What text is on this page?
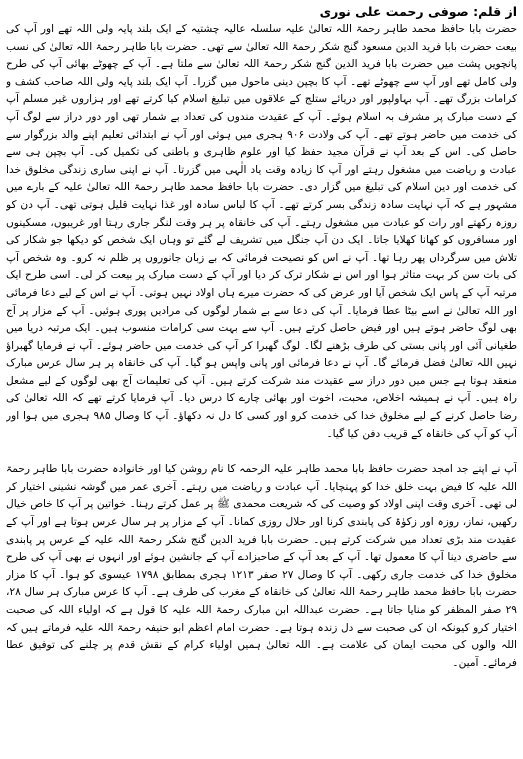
از قلم: صوفی رحمت علی نوری

حضرت بابا حافظ محمد طاہر رحمۃ اللہ تعالیٰ علیہ سلسلہ عالیہ چشتیہ کے ایک بلند پایہ ولی اللہ تھے اور آپ کی بیعت حضرت بابا فرید الدین مسعود گنج شکر رحمۃ اللہ تعالیٰ سے تھی۔ حضرت بابا طاہر رحمۃ اللہ تعالیٰ کی نسب پانچویں پشت میں حضرت بابا فرید الدین گنج شکر رحمۃ اللہ تعالیٰ سے ملتا ہے۔ آپ کے چھوٹے بھائی آپ کی طرح ولی کامل تھے اور آپ سے چھوٹے تھے۔ آپ کا بچپن دینی ماحول میں گزرا۔ آپ ایک بلند پایہ ولی اللہ صاحب کشف و کرامات بزرگ تھے۔ آپ بہاولپور اور دریائے ستلج کے علاقوں میں تبلیغ اسلام کیا کرتے تھے اور ہزاروں غیر مسلم آپ کے دست مبارک پر مشرف بہ اسلام ہوئے۔ آپ کے عقیدت مندوں کی تعداد بے شمار تھی اور دور دراز سے لوگ آپ کی خدمت میں حاضر ہوتے تھے۔ آپ کی ولادت ۹۰۶ ہجری میں ہوئی اور آپ نے ابتدائی تعلیم اپنے والد بزرگوار سے حاصل کی۔ اس کے بعد آپ نے قرآن مجید حفظ کیا اور علوم ظاہری و باطنی کی تکمیل کی۔ آپ بچپن ہی سے عبادت و ریاضت میں مشغول رہتے اور آپ کا زیادہ وقت یاد الٰہی میں گزرتا۔ آپ نے اپنی ساری زندگی مخلوق خدا کی خدمت اور دین اسلام کی تبلیغ میں گزار دی۔ حضرت بابا حافظ محمد طاہر رحمۃ اللہ تعالیٰ علیہ کے بارے میں مشہور ہے کہ آپ نہایت سادہ زندگی بسر کرتے تھے۔ آپ کا لباس سادہ اور غذا نہایت قلیل ہوتی تھی۔ آپ دن کو روزہ رکھتے اور رات کو عبادت میں مشغول رہتے۔ آپ کی خانقاہ پر ہر وقت لنگر جاری رہتا اور غریبوں، مسکینوں اور مسافروں کو کھانا کھلایا جاتا۔ ایک دن آپ جنگل میں تشریف لے گئے تو وہاں ایک شخص کو دیکھا جو شکار کی تلاش میں سرگرداں پھر رہا تھا۔ آپ نے اس کو نصیحت فرمائی کہ بے زبان جانوروں پر ظلم نہ کرو۔ وہ شخص آپ کی بات سن کر بہت متاثر ہوا اور اس نے شکار ترک کر دیا اور آپ کے دست مبارک پر بیعت کر لی۔ اسی طرح ایک مرتبہ آپ کے پاس ایک شخص آیا اور عرض کی کہ حضرت میرے ہاں اولاد نہیں ہوتی۔ آپ نے اس کے لیے دعا فرمائی اور اللہ تعالیٰ نے اسے بیٹا عطا فرمایا۔ آپ کی دعا سے بے شمار لوگوں کی مرادیں پوری ہوئیں۔ آپ کے مزار پر آج بھی لوگ حاضر ہوتے ہیں اور فیض حاصل کرتے ہیں۔ آپ سے بہت سی کرامات منسوب ہیں۔ ایک مرتبہ دریا میں طغیانی آئی اور پانی بستی کی طرف بڑھنے لگا۔ لوگ گھبرا کر آپ کی خدمت میں حاضر ہوئے۔ آپ نے فرمایا گھبراؤ نہیں اللہ تعالیٰ فضل فرمائے گا۔ آپ نے دعا فرمائی اور پانی واپس ہو گیا۔ آپ کی خانقاہ پر ہر سال عرس مبارک منعقد ہوتا ہے جس میں دور دراز سے عقیدت مند شرکت کرتے ہیں۔ آپ کی تعلیمات آج بھی لوگوں کے لیے مشعل راہ ہیں۔ آپ نے ہمیشہ اخلاص، محبت، اخوت اور بھائی چارے کا درس دیا۔ آپ فرمایا کرتے تھے کہ اللہ تعالیٰ کی رضا حاصل کرنے کے لیے مخلوق خدا کی خدمت کرو اور کسی کا دل نہ دکھاؤ۔ آپ کا وصال ۹۸۵ ہجری میں ہوا اور آپ کو آپ کی خانقاہ کے قریب دفن کیا گیا۔

آپ نے اپنے جد امجد حضرت حافظ بابا محمد طاہر علیہ الرحمہ کا نام روشن کیا اور خانوادہ حضرت بابا طاہر رحمۃ اللہ علیہ کا فیض بہت خلق خدا کو پہنچایا۔ آپ عبادت و ریاضت میں رہتے۔ آخری عمر میں گوشہ نشینی اختیار کر لی تھی۔ آخری وقت اپنی اولاد کو وصیت کی کہ شریعت محمدی ﷺ پر عمل کرتے رہنا۔ خواتین پر آپ کا خاص خیال رکھیں، نماز، روزہ اور زکوٰۃ کی پابندی کرنا اور حلال روزی کمانا۔ آپ کے مزار پر ہر سال عرس ہوتا ہے اور آپ کے عقیدت مند بڑی تعداد میں شرکت کرتے ہیں۔ حضرت بابا فرید الدین گنج شکر رحمۃ اللہ علیہ کے عرس پر پابندی سے حاضری دینا آپ کا معمول تھا۔ آپ کے بعد آپ کے صاحبزادے آپ کے جانشین ہوئے اور انہوں نے بھی آپ کی طرح مخلوق خدا کی خدمت جاری رکھی۔ آپ کا وصال ۲۷ صفر ۱۲۱۳ ہجری بمطابق ۱۷۹۸ عیسوی کو ہوا۔ آپ کا مزار حضرت بابا حافظ محمد طاہر رحمۃ اللہ تعالیٰ کی خانقاہ کے مغرب کی طرف ہے۔ آپ کا عرس مبارک ہر سال ۲۸، ۲۹ صفر المظفر کو منایا جاتا ہے۔ حضرت عبداللہ ابن مبارک رحمۃ اللہ علیہ کا قول ہے کہ اولیاء اللہ کی صحبت اختیار کرو کیونکہ ان کی صحبت سے دل زندہ ہوتا ہے۔ حضرت امام اعظم ابو حنیفہ رحمۃ اللہ علیہ فرماتے ہیں کہ اللہ والوں کی محبت ایمان کی علامت ہے۔ اللہ تعالیٰ ہمیں اولیاء کرام کے نقش قدم پر چلنے کی توفیق عطا فرمائے۔ آمین۔
